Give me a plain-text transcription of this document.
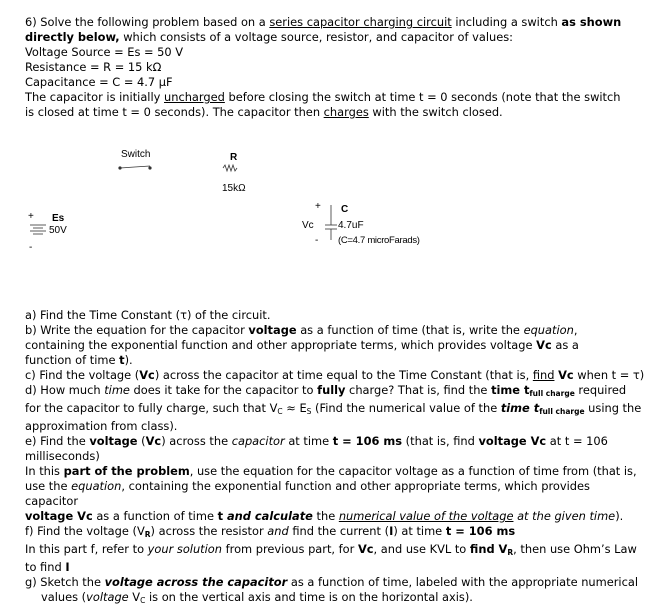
6) Solve the following problem based on a series capacitor charging circuit including a switch as shown
directly below, which consists of a voltage source, resistor, and capacitor of values:
Voltage Source = Es = 50 V
Resistance = R = 15 kΩ
Capacitance = C = 4.7 μF
The capacitor is initially uncharged before closing the switch at time t = 0 seconds (note that the switch
is closed at time t = 0 seconds). The capacitor then charges with the switch closed.
Switch	R
15kΩ
+ Es
50V
-
+ C
Vc 4.7uF
- (C=4.7 microFarads)
a) Find the Time Constant (τ) of the circuit.
b) Write the equation for the capacitor voltage as a function of time (that is, write the equation,
containing the exponential function and other appropriate terms, which provides voltage Vc as a
function of time t).
c) Find the voltage (Vc) across the capacitor at time equal to the Time Constant (that is, find Vc when t = τ)
d) How much time does it take for the capacitor to fully charge? That is, find the time $t_{full charge}$ required
for the capacitor to fully charge, such that $V_C \approx E_S$ (Find the numerical value of the time $t_{full charge}$ using the
approximation from class).
e) Find the voltage (Vc) across the capacitor at time t = 106 ms (that is, find voltage Vc at t = 106
milliseconds)
In this part of the problem, use the equation for the capacitor voltage as a function of time from (that is,
use the equation, containing the exponential function and other appropriate terms, which provides
capacitor
voltage Vc as a function of time t and calculate the numerical value of the voltage at the given time).
f) Find the voltage $(V_R)$ across the resistor and find the current (I) at time t = 106 ms
In this part f, refer to your solution from previous part, for Vc, and use KVL to find $V_R$, then use Ohm’s Law
to find I
g) Sketch the voltage across the capacitor as a function of time, labeled with the appropriate numerical
values (voltage $V_C$ is on the vertical axis and time is on the horizontal axis).
